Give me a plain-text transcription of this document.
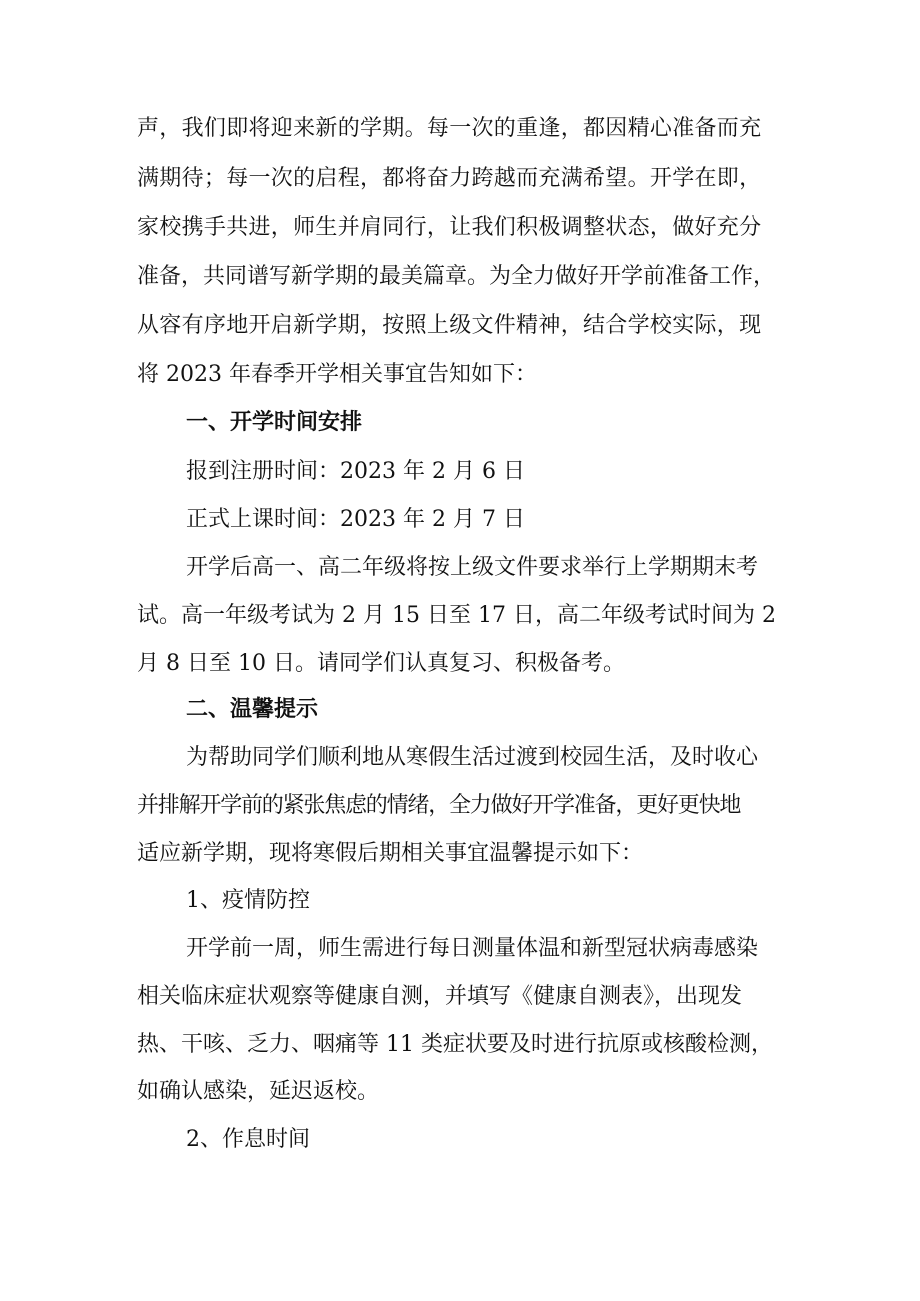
声，我们即将迎来新的学期。每一次的重逢，都因精心准备而充
满期待；每一次的启程，都将奋力跨越而充满希望。开学在即，
家校携手共进，师生并肩同行，让我们积极调整状态，做好充分
准备，共同谱写新学期的最美篇章。为全力做好开学前准备工作，
从容有序地开启新学期，按照上级文件精神，结合学校实际，现
将 2023 年春季开学相关事宜告知如下：
一、开学时间安排
报到注册时间：2023 年 2 月 6 日
正式上课时间：2023 年 2 月 7 日
开学后高一、高二年级将按上级文件要求举行上学期期末考
试。高一年级考试为 2 月 15 日至 17 日，高二年级考试时间为 2
月 8 日至 10 日。请同学们认真复习、积极备考。
二、温馨提示
为帮助同学们顺利地从寒假生活过渡到校园生活，及时收心
并排解开学前的紧张焦虑的情绪，全力做好开学准备，更好更快地
适应新学期，现将寒假后期相关事宜温馨提示如下：
1、疫情防控
开学前一周，师生需进行每日测量体温和新型冠状病毒感染
相关临床症状观察等健康自测，并填写《健康自测表》，出现发
热、干咳、乏力、咽痛等 11 类症状要及时进行抗原或核酸检测，
如确认感染，延迟返校。
2、作息时间
